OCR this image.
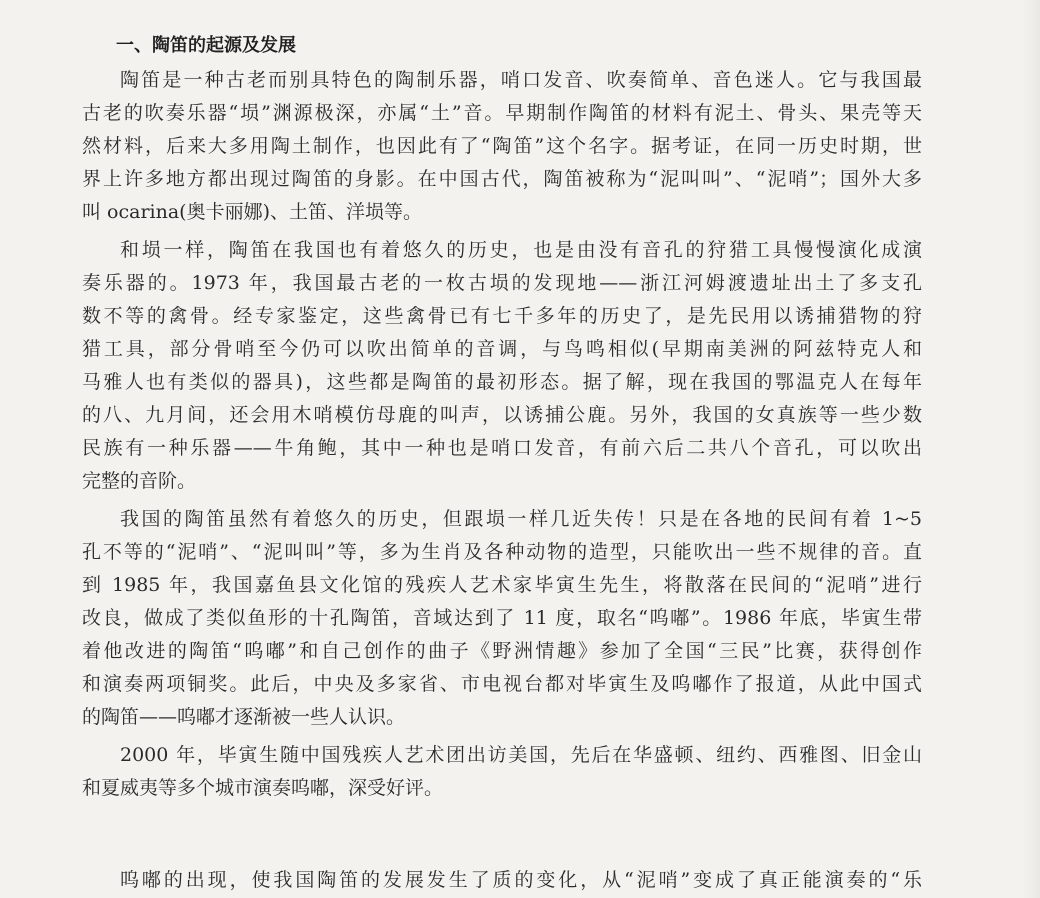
一、陶笛的起源及发展

陶笛是一种古老而别具特色的陶制乐器，哨口发音、吹奏简单、音色迷人。它与我国最
古老的吹奏乐器“埙”渊源极深，亦属“土”音。早期制作陶笛的材料有泥土、骨头、果壳等天
然材料，后来大多用陶土制作，也因此有了“陶笛”这个名字。据考证，在同一历史时期，世
界上许多地方都出现过陶笛的身影。在中国古代，陶笛被称为“泥叫叫”、“泥哨”；国外大多
叫 ocarina(奥卡丽娜)、土笛、洋埙等。

和埙一样，陶笛在我国也有着悠久的历史，也是由没有音孔的狩猎工具慢慢演化成演
奏乐器的。1973 年，我国最古老的一枚古埙的发现地——浙江河姆渡遗址出土了多支孔
数不等的禽骨。经专家鉴定，这些禽骨已有七千多年的历史了，是先民用以诱捕猎物的狩
猎工具，部分骨哨至今仍可以吹出简单的音调，与鸟鸣相似(早期南美洲的阿兹特克人和
马雅人也有类似的器具)，这些都是陶笛的最初形态。据了解，现在我国的鄂温克人在每年
的八、九月间，还会用木哨模仿母鹿的叫声，以诱捕公鹿。另外，我国的女真族等一些少数
民族有一种乐器——牛角鲍，其中一种也是哨口发音，有前六后二共八个音孔，可以吹出
完整的音阶。

我国的陶笛虽然有着悠久的历史，但跟埙一样几近失传！只是在各地的民间有着 1~5
孔不等的“泥哨”、“泥叫叫”等，多为生肖及各种动物的造型，只能吹出一些不规律的音。直
到 1985 年，我国嘉鱼县文化馆的残疾人艺术家毕寅生先生，将散落在民间的“泥哨”进行
改良，做成了类似鱼形的十孔陶笛，音域达到了 11 度，取名“呜嘟”。1986 年底，毕寅生带
着他改进的陶笛“呜嘟”和自己创作的曲子《野洲情趣》参加了全国“三民”比赛，获得创作
和演奏两项铜奖。此后，中央及多家省、市电视台都对毕寅生及呜嘟作了报道，从此中国式
的陶笛——呜嘟才逐渐被一些人认识。

2000 年，毕寅生随中国残疾人艺术团出访美国，先后在华盛顿、纽约、西雅图、旧金山
和夏威夷等多个城市演奏呜嘟，深受好评。

呜嘟的出现，使我国陶笛的发展发生了质的变化，从“泥哨”变成了真正能演奏的“乐
